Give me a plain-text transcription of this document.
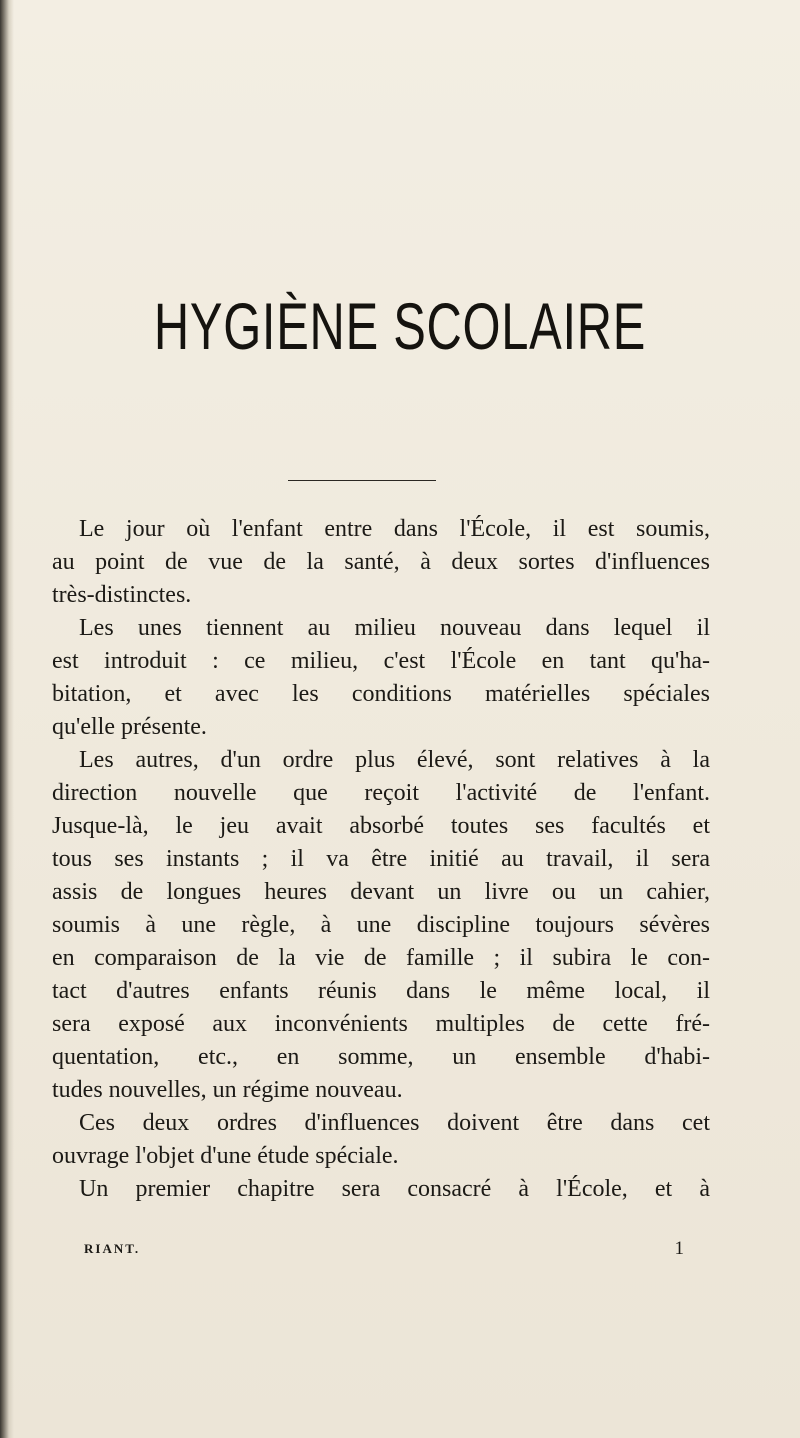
HYGIÈNE SCOLAIRE
Le jour où l'enfant entre dans l'École, il est soumis,
au point de vue de la santé, à deux sortes d'influences
très-distinctes.
Les unes tiennent au milieu nouveau dans lequel il
est introduit : ce milieu, c'est l'École en tant qu'ha-
bitation, et avec les conditions matérielles spéciales
qu'elle présente.
Les autres, d'un ordre plus élevé, sont relatives à la
direction nouvelle que reçoit l'activité de l'enfant.
Jusque-là, le jeu avait absorbé toutes ses facultés et
tous ses instants ; il va être initié au travail, il sera
assis de longues heures devant un livre ou un cahier,
soumis à une règle, à une discipline toujours sévères
en comparaison de la vie de famille ; il subira le con-
tact d'autres enfants réunis dans le même local, il
sera exposé aux inconvénients multiples de cette fré-
quentation, etc., en somme, un ensemble d'habi-
tudes nouvelles, un régime nouveau.
Ces deux ordres d'influences doivent être dans cet
ouvrage l'objet d'une étude spéciale.
Un premier chapitre sera consacré à l'École, et à
RIANT.	1
